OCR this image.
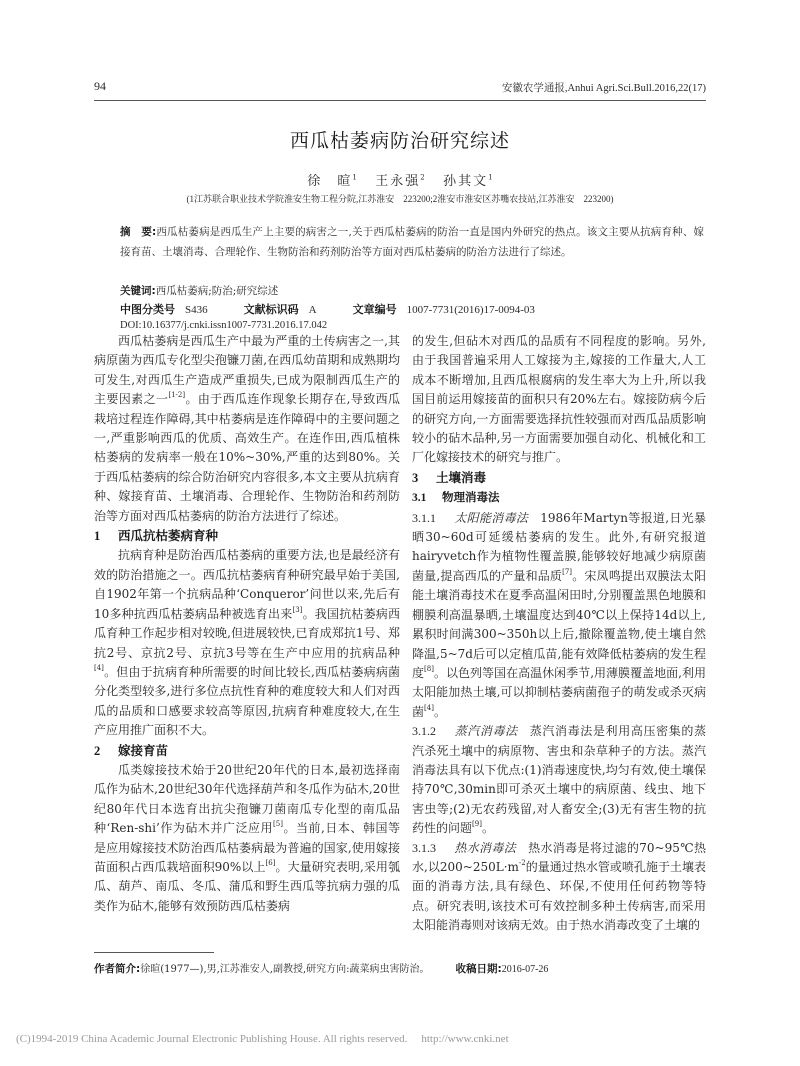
94	安徽农学通报,Anhui Agri.Sci.Bull.2016,22(17)
西瓜枯萎病防治研究综述
徐　暄$^1$ 王永强$^2$ 孙其文$^1$
(1江苏联合职业技术学院淮安生物工程分院,江苏淮安　223200;2淮安市淮安区苏嘴农技站,江苏淮安　223200)
摘　要:西瓜枯萎病是西瓜生产上主要的病害之一,关于西瓜枯萎病的防治一直是国内外研究的热点。该文主要从抗病育种、嫁接育苗、土壤消毒、合理轮作、生物防治和药剂防治等方面对西瓜枯萎病的防治方法进行了综述。
关键词:西瓜枯萎病;防治;研究综述
中图分类号 S436	文献标识码 A	文章编号 1007-7731(2016)17-0094-03
DOI:10.16377/j.cnki.issn1007-7731.2016.17.042

西瓜枯萎病是西瓜生产中最为严重的土传病害之一,其病原菌为西瓜专化型尖孢镰刀菌,在西瓜幼苗期和成熟期均可发生,对西瓜生产造成严重损失,已成为限制西瓜生产的主要因素之一[1-2]。由于西瓜连作现象长期存在,导致西瓜栽培过程连作障碍,其中枯萎病是连作障碍中的主要问题之一,严重影响西瓜的优质、高效生产。在连作田,西瓜植株枯萎病的发病率一般在10%~30%,严重的达到80%。关于西瓜枯萎病的综合防治研究内容很多,本文主要从抗病育种、嫁接育苗、土壤消毒、合理轮作、生物防治和药剂防治等方面对西瓜枯萎病的防治方法进行了综述。

1 西瓜抗枯萎病育种

抗病育种是防治西瓜枯萎病的重要方法,也是最经济有效的防治措施之一。西瓜抗枯萎病育种研究最早始于美国,自1902年第一个抗病品种‘Conqueror’问世以来,先后有10多种抗西瓜枯萎病品种被选育出来[3]。我国抗枯萎病西瓜育种工作起步相对较晚,但进展较快,已育成郑抗1号、郑抗2号、京抗2号、京抗3号等在生产中应用的抗病品种[4]。但由于抗病育种所需要的时间比较长,西瓜枯萎病病菌分化类型较多,进行多位点抗性育种的难度较大和人们对西瓜的品质和口感要求较高等原因,抗病育种难度较大,在生产应用推广面积不大。

2 嫁接育苗

瓜类嫁接技术始于20世纪20年代的日本,最初选择南瓜作为砧木,20世纪30年代选择葫芦和冬瓜作为砧木,20世纪80年代日本选育出抗尖孢镰刀菌南瓜专化型的南瓜品种‘Ren-shi’作为砧木并广泛应用[5]。当前,日本、韩国等是应用嫁接技术防治西瓜枯萎病最为普遍的国家,使用嫁接苗面积占西瓜栽培面积90%以上[6]。大量研究表明,采用瓠瓜、葫芦、南瓜、冬瓜、蒲瓜和野生西瓜等抗病力强的瓜类作为砧木,能够有效预防西瓜枯萎病

的发生,但砧木对西瓜的品质有不同程度的影响。另外,由于我国普遍采用人工嫁接为主,嫁接的工作量大,人工成本不断增加,且西瓜根腐病的发生率大为上升,所以我国目前运用嫁接苗的面积只有20%左右。嫁接防病今后的研究方向,一方面需要选择抗性较强而对西瓜品质影响较小的砧木品种,另一方面需要加强自动化、机械化和工厂化嫁接技术的研究与推广。

3 土壤消毒

3.1 物理消毒法

3.1.1 太阳能消毒法 1986年Martyn等报道,日光暴晒30~60d可延缓枯萎病的发生。此外,有研究报道hairyvetch作为植物性覆盖膜,能够较好地减少病原菌菌量,提高西瓜的产量和品质[7]。宋凤鸣提出双膜法太阳能土壤消毒技术在夏季高温闲田时,分别覆盖黑色地膜和棚膜利高温暴晒,土壤温度达到40℃以上保持14d以上,累积时间满300~350h以上后,撤除覆盖物,使土壤自然降温,5~7d后可以定植瓜苗,能有效降低枯萎病的发生程度[8]。以色列等国在高温休闲季节,用薄膜覆盖地面,利用太阳能加热土壤,可以抑制枯萎病菌孢子的萌发或杀灭病菌[4]。

3.1.2 蒸汽消毒法 蒸汽消毒法是利用高压密集的蒸汽杀死土壤中的病原物、害虫和杂草种子的方法。蒸汽消毒法具有以下优点:(1)消毒速度快,均匀有效,使土壤保持70℃,30min即可杀灭土壤中的病原菌、线虫、地下害虫等;(2)无农药残留,对人畜安全;(3)无有害生物的抗药性的问题[9]。

3.1.3 热水消毒法 热水消毒是将过滤的70~95℃热水,以200~250L·m$^{-2}$的量通过热水管或喷孔施于土壤表面的消毒方法,具有绿色、环保,不使用任何药物等特点。研究表明,该技术可有效控制多种土传病害,而采用太阳能消毒则对该病无效。由于热水消毒改变了土壤的

作者简介:徐暄(1977—),男,江苏淮安人,副教授,研究方向:蔬菜病虫害防治。 收稿日期:2016-07-26
(C)1994-2019 China Academic Journal Electronic Publishing House. All rights reserved. http://www.cnki.net
